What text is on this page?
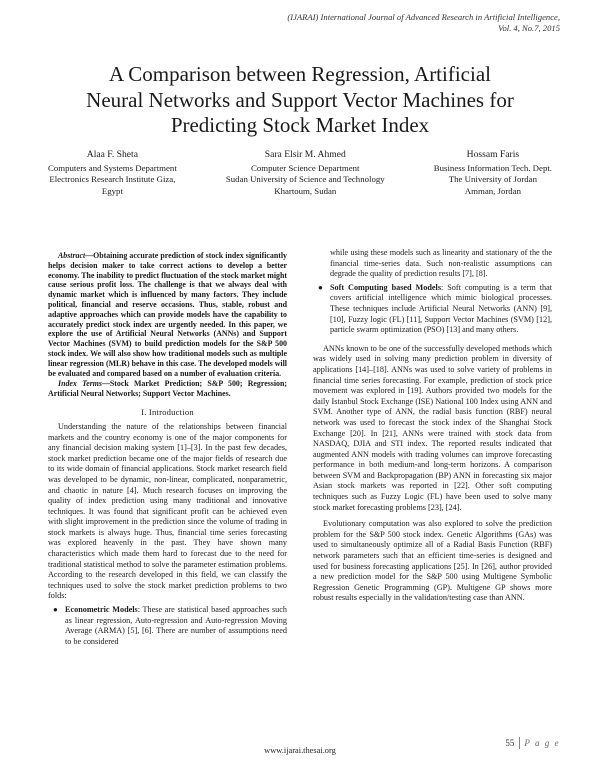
(IJARAI) International Journal of Advanced Research in Artificial Intelligence,
Vol. 4, No.7, 2015
A Comparison between Regression, Artificial
Neural Networks and Support Vector Machines for
Predicting Stock Market Index
Alaa F. Sheta
Computers and Systems Department
Electronics Research Institute Giza,
Egypt
Sara Elsir M. Ahmed
Computer Science Department
Sudan University of Science and Technology
Khartoum, Sudan
Hossam Faris
Business Information Tech. Dept.
The University of Jordan
Amman, Jordan

Abstract—Obtaining accurate prediction of stock index significantly helps decision maker to take correct actions to develop a better economy. The inability to predict fluctuation of the stock market might cause serious profit loss. The challenge is that we always deal with dynamic market which is influenced by many factors. They include political, financial and reserve occasions. Thus, stable, robust and adaptive approaches which can provide models have the capability to accurately predict stock index are urgently needed. In this paper, we explore the use of Artificial Neural Networks (ANNs) and Support Vector Machines (SVM) to build prediction models for the S&P 500 stock index. We will also show how traditional models such as multiple linear regression (MLR) behave in this case. The developed models will be evaluated and compared based on a number of evaluation criteria.

Index Terms—Stock Market Prediction; S&P 500; Regression; Artificial Neural Networks; Support Vector Machines.

I. Introduction

Understanding the nature of the relationships between financial markets and the country economy is one of the major components for any financial decision making system [1]–[3]. In the past few decades, stock market prediction became one of the major fields of research due to its wide domain of financial applications. Stock market research field was developed to be dynamic, non-linear, complicated, nonparametric, and chaotic in nature [4]. Much research focuses on improving the quality of index prediction using many traditional and innovative techniques. It was found that significant profit can be achieved even with slight improvement in the prediction since the volume of trading in stock markets is always huge. Thus, financial time series forecasting was explored heavenly in the past. They have shown many characteristics which made them hard to forecast due to the need for traditional statistical method to solve the parameter estimation problems. According to the research developed in this field, we can classify the techniques used to solve the stock market prediction problems to two folds:

● Econometric Models: These are statistical based approaches such as linear regression, Auto-regression and Auto-regression Moving Average (ARMA) [5], [6]. There are number of assumptions need to be considered

while using these models such as linearity and stationary of the the financial time-series data. Such non-realistic assumptions can degrade the quality of prediction results [7], [8].

● Soft Computing based Models: Soft computing is a term that covers artificial intelligence which mimic biological processes. These techniques include Artificial Neural Networks (ANN) [9], [10], Fuzzy logic (FL) [11], Support Vector Machines (SVM) [12], particle swarm optimization (PSO) [13] and many others.

ANNs known to be one of the successfully developed methods which was widely used in solving many prediction problem in diversity of applications [14]–[18]. ANNs was used to solve variety of problems in financial time series forecasting. For example, prediction of stock price movement was explored in [19]. Authors provided two models for the daily Istanbul Stock Exchange (ISE) National 100 Index using ANN and SVM. Another type of ANN, the radial basis function (RBF) neural network was used to forecast the stock index of the Shanghai Stock Exchange [20]. In [21], ANNs were trained with stock data from NASDAQ, DJIA and STI index. The reported results indicated that augmented ANN models with trading volumes can improve forecasting performance in both medium-and long-term horizons. A comparison between SVM and Backpropagation (BP) ANN in forecasting six major Asian stock markets was reported in [22]. Other soft computing techniques such as Fuzzy Logic (FL) have been used to solve many stock market forecasting problems [23], [24].

Evolutionary computation was also explored to solve the prediction problem for the S&P 500 stock index. Genetic Algorithms (GAs) was used to simultaneously optimize all of a Radial Basis Function (RBF) network parameters such that an efficient time-series is designed and used for business forecasting applications [25]. In [26], author provided a new prediction model for the S&P 500 using Multigene Symbolic Regression Genetic Programming (GP). Multigene GP shows more robust results especially in the validation/testing case than ANN.

www.ijarai.thesai.org
55 P a g e
